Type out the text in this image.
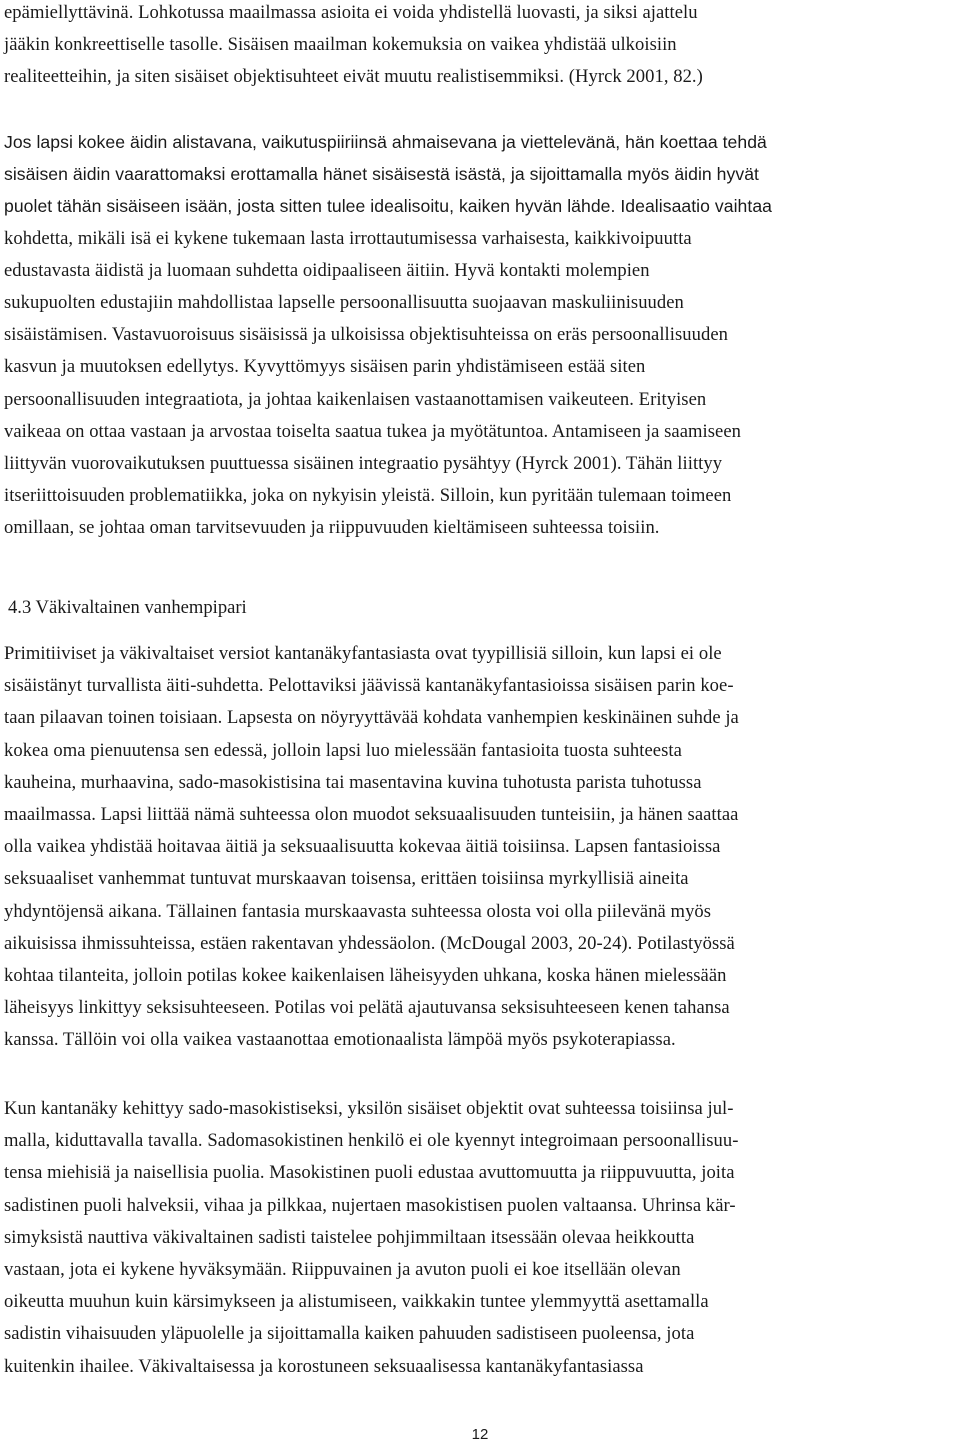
epämiellyttävinä. Lohkotussa maailmassa asioita ei voida yhdistellä luovasti, ja siksi ajattelu
jääkin konkreettiselle tasolle. Sisäisen maailman kokemuksia on vaikea yhdistää ulkoisiin
realiteetteihin, ja siten sisäiset objektisuhteet eivät muutu realistisemmiksi. (Hyrck 2001, 82.)

Jos lapsi kokee äidin alistavana, vaikutuspiiriinsä ahmaisevana ja viettelevänä, hän koettaa tehdä
sisäisen äidin vaarattomaksi erottamalla hänet sisäisestä isästä, ja sijoittamalla myös äidin hyvät
puolet tähän sisäiseen isään, josta sitten tulee idealisoitu, kaiken hyvän lähde. Idealisaatio vaihtaa
kohdetta, mikäli isä ei kykene tukemaan lasta irrottautumisessa varhaisesta, kaikkivoipuutta
edustavasta äidistä ja luomaan suhdetta oidipaaliseen äitiin. Hyvä kontakti molempien
sukupuolten edustajiin mahdollistaa lapselle persoonallisuutta suojaavan maskuliinisuuden
sisäistämisen. Vastavuoroisuus sisäisissä ja ulkoisissa objektisuhteissa on eräs persoonallisuuden
kasvun ja muutoksen edellytys. Kyvyttömyys sisäisen parin yhdistämiseen estää siten
persoonallisuuden integraatiota, ja johtaa kaikenlaisen vastaanottamisen vaikeuteen. Erityisen
vaikeaa on ottaa vastaan ja arvostaa toiselta saatua tukea ja myötätuntoa. Antamiseen ja saamiseen
liittyvän vuorovaikutuksen puuttuessa sisäinen integraatio pysähtyy (Hyrck 2001). Tähän liittyy
itseriittoisuuden problematiikka, joka on nykyisin yleistä. Silloin, kun pyritään tulemaan toimeen
omillaan, se johtaa oman tarvitsevuuden ja riippuvuuden kieltämiseen suhteessa toisiin.

4.3 Väkivaltainen vanhempipari

Primitiiviset ja väkivaltaiset versiot kantanäkyfantasiasta ovat tyypillisiä silloin, kun lapsi ei ole
sisäistänyt turvallista äiti-suhdetta. Pelottaviksi jäävissä kantanäkyfantasioissa sisäisen parin koe-
taan pilaavan toinen toisiaan. Lapsesta on nöyryyttävää kohdata vanhempien keskinäinen suhde ja
kokea oma pienuutensa sen edessä, jolloin lapsi luo mielessään fantasioita tuosta suhteesta
kauheina, murhaavina, sado-masokistisina tai masentavina kuvina tuhotusta parista tuhotussa
maailmassa. Lapsi liittää nämä suhteessa olon muodot seksuaalisuuden tunteisiin, ja hänen saattaa
olla vaikea yhdistää hoitavaa äitiä ja seksuaalisuutta kokevaa äitiä toisiinsa. Lapsen fantasioissa
seksuaaliset vanhemmat tuntuvat murskaavan toisensa, erittäen toisiinsa myrkyllisiä aineita
yhdyntöjensä aikana. Tällainen fantasia murskaavasta suhteessa olosta voi olla piilevänä myös
aikuisissa ihmissuhteissa, estäen rakentavan yhdessäolon. (McDougal 2003, 20-24). Potilastyössä
kohtaa tilanteita, jolloin potilas kokee kaikenlaisen läheisyyden uhkana, koska hänen mielessään
läheisyys linkittyy seksisuhteeseen. Potilas voi pelätä ajautuvansa seksisuhteeseen kenen tahansa
kanssa. Tällöin voi olla vaikea vastaanottaa emotionaalista lämpöä myös psykoterapiassa.

Kun kantanäky kehittyy sado-masokistiseksi, yksilön sisäiset objektit ovat suhteessa toisiinsa jul-
malla, kiduttavalla tavalla. Sadomasokistinen henkilö ei ole kyennyt integroimaan persoonallisuu-
tensa miehisiä ja naisellisia puolia. Masokistinen puoli edustaa avuttomuutta ja riippuvuutta, joita
sadistinen puoli halveksii, vihaa ja pilkkaa, nujertaen masokistisen puolen valtaansa. Uhrinsa kär-
simyksistä nauttiva väkivaltainen sadisti taistelee pohjimmiltaan itsessään olevaa heikkoutta
vastaan, jota ei kykene hyväksymään. Riippuvainen ja avuton puoli ei koe itsellään olevan
oikeutta muuhun kuin kärsimykseen ja alistumiseen, vaikkakin tuntee ylemmyyttä asettamalla
sadistin vihaisuuden yläpuolelle ja sijoittamalla kaiken pahuuden sadistiseen puoleensa, jota
kuitenkin ihailee. Väkivaltaisessa ja korostuneen seksuaalisessa kantanäkyfantasiassa

12
